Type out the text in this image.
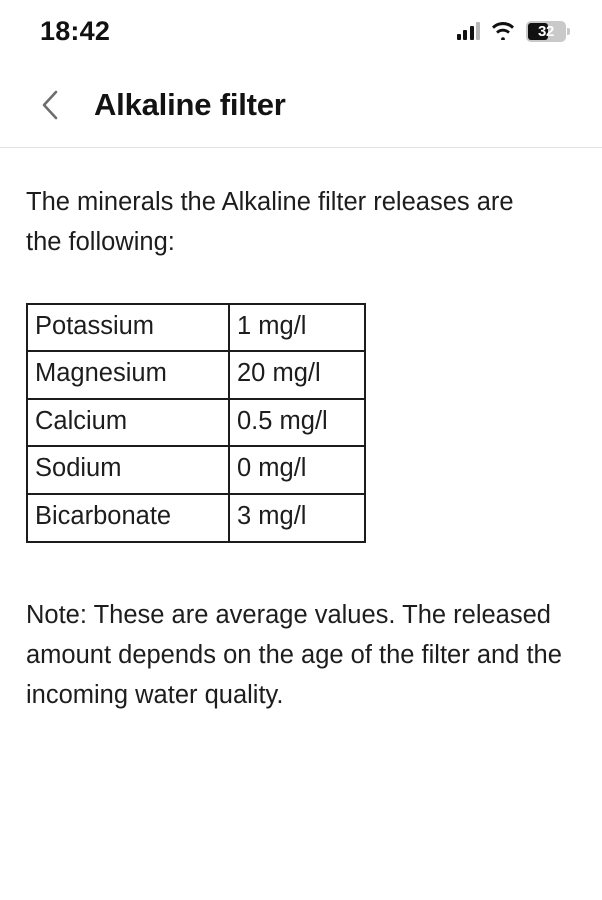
18:42	32
Alkaline filter

The minerals the Alkaline filter releases are the following:

Potassium	1 mg/l
Magnesium	20 mg/l
Calcium	0.5 mg/l
Sodium	0 mg/l
Bicarbonate	3 mg/l

Note: These are average values. The released amount depends on the age of the filter and the incoming water quality.
